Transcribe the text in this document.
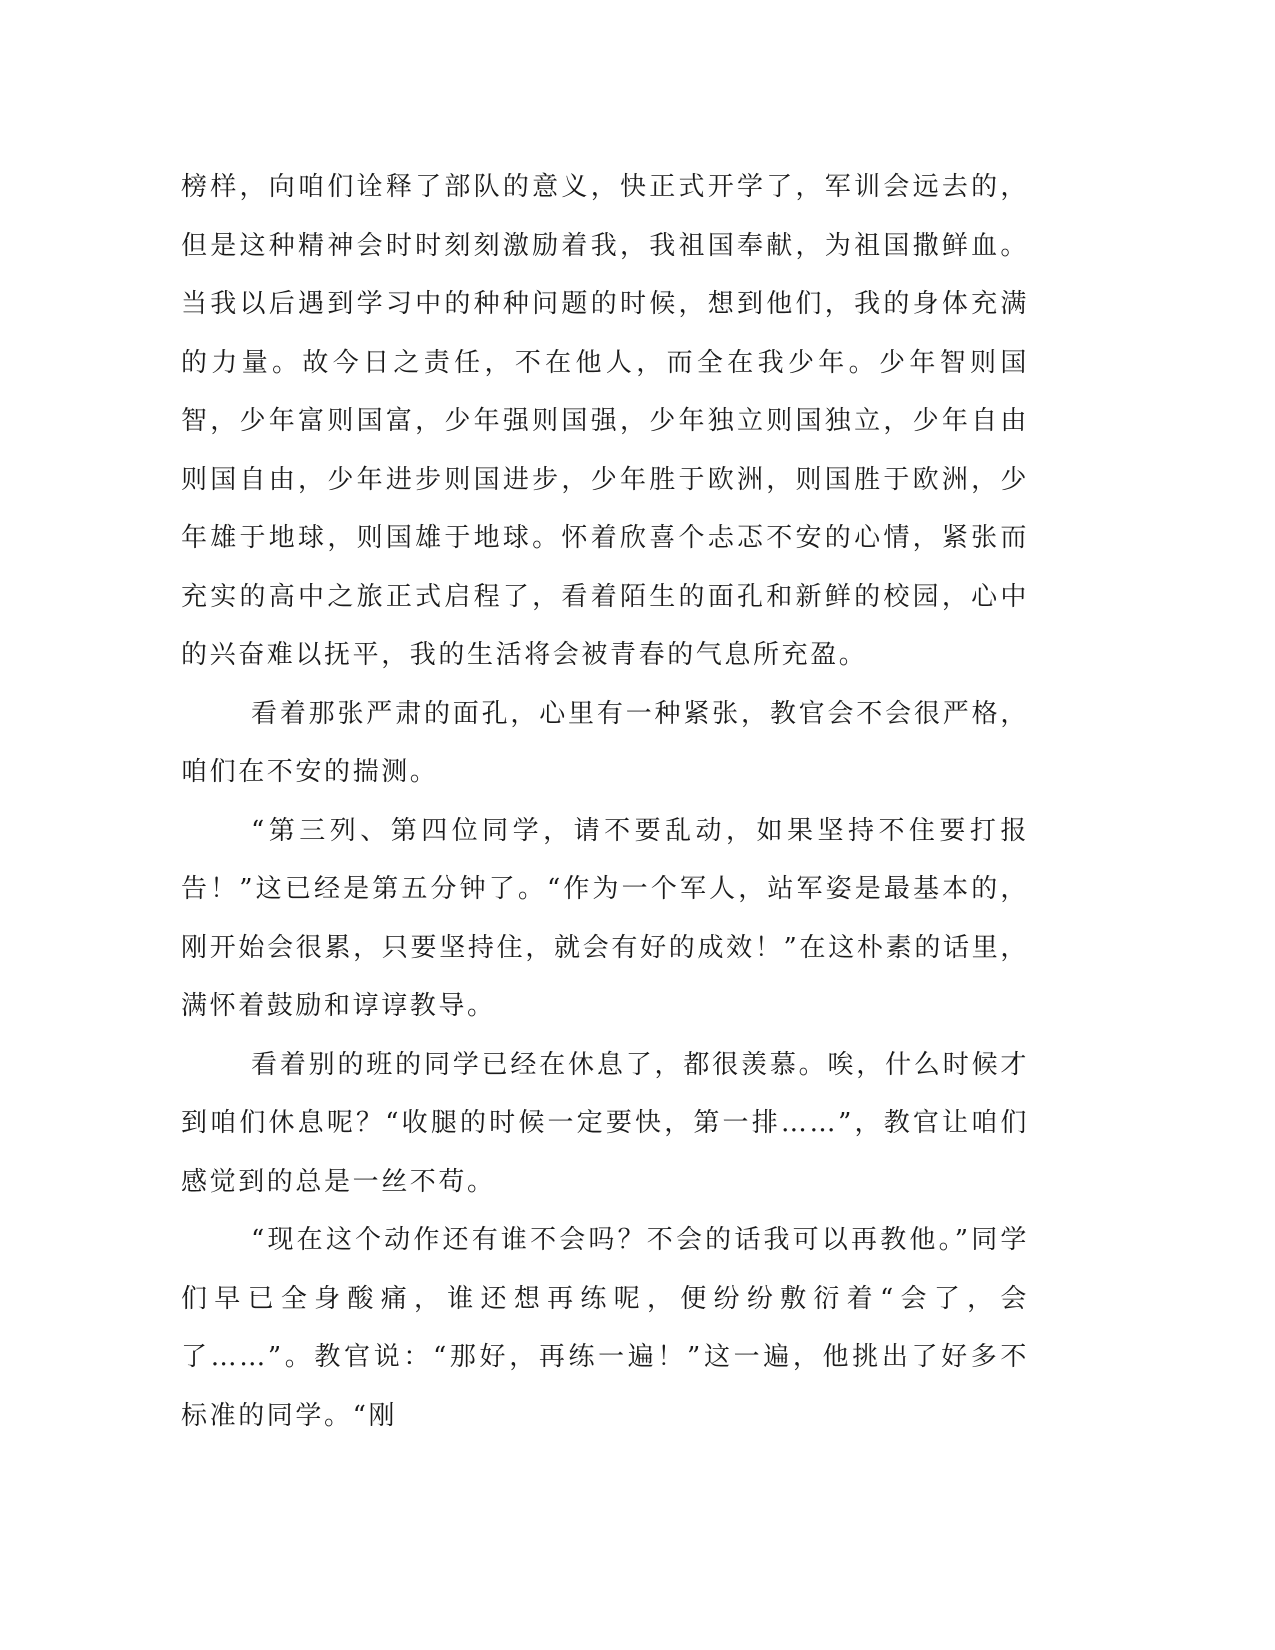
榜样，向咱们诠释了部队的意义，快正式开学了，军训会远去的，但是这种精神会时时刻刻激励着我，我祖国奉献，为祖国撒鲜血。当我以后遇到学习中的种种问题的时候，想到他们，我的身体充满的力量。故今日之责任，不在他人，而全在我少年。少年智则国智，少年富则国富，少年强则国强，少年独立则国独立，少年自由则国自由，少年进步则国进步，少年胜于欧洲，则国胜于欧洲，少年雄于地球，则国雄于地球。怀着欣喜个忐忑不安的心情，紧张而充实的高中之旅正式启程了，看着陌生的面孔和新鲜的校园，心中的兴奋难以抚平，我的生活将会被青春的气息所充盈。

看着那张严肃的面孔，心里有一种紧张，教官会不会很严格，咱们在不安的揣测。

“第三列、第四位同学，请不要乱动，如果坚持不住要打报告！”这已经是第五分钟了。“作为一个军人，站军姿是最基本的，刚开始会很累，只要坚持住，就会有好的成效！”在这朴素的话里，满怀着鼓励和谆谆教导。

看着别的班的同学已经在休息了，都很羡慕。唉，什么时候才到咱们休息呢？“收腿的时候一定要快，第一排……”，教官让咱们感觉到的总是一丝不苟。

“现在这个动作还有谁不会吗？不会的话我可以再教他。”同学们早已全身酸痛，谁还想再练呢，便纷纷敷衍着“会了，会了……”。教官说：“那好，再练一遍！”这一遍，他挑出了好多不标准的同学。“刚
